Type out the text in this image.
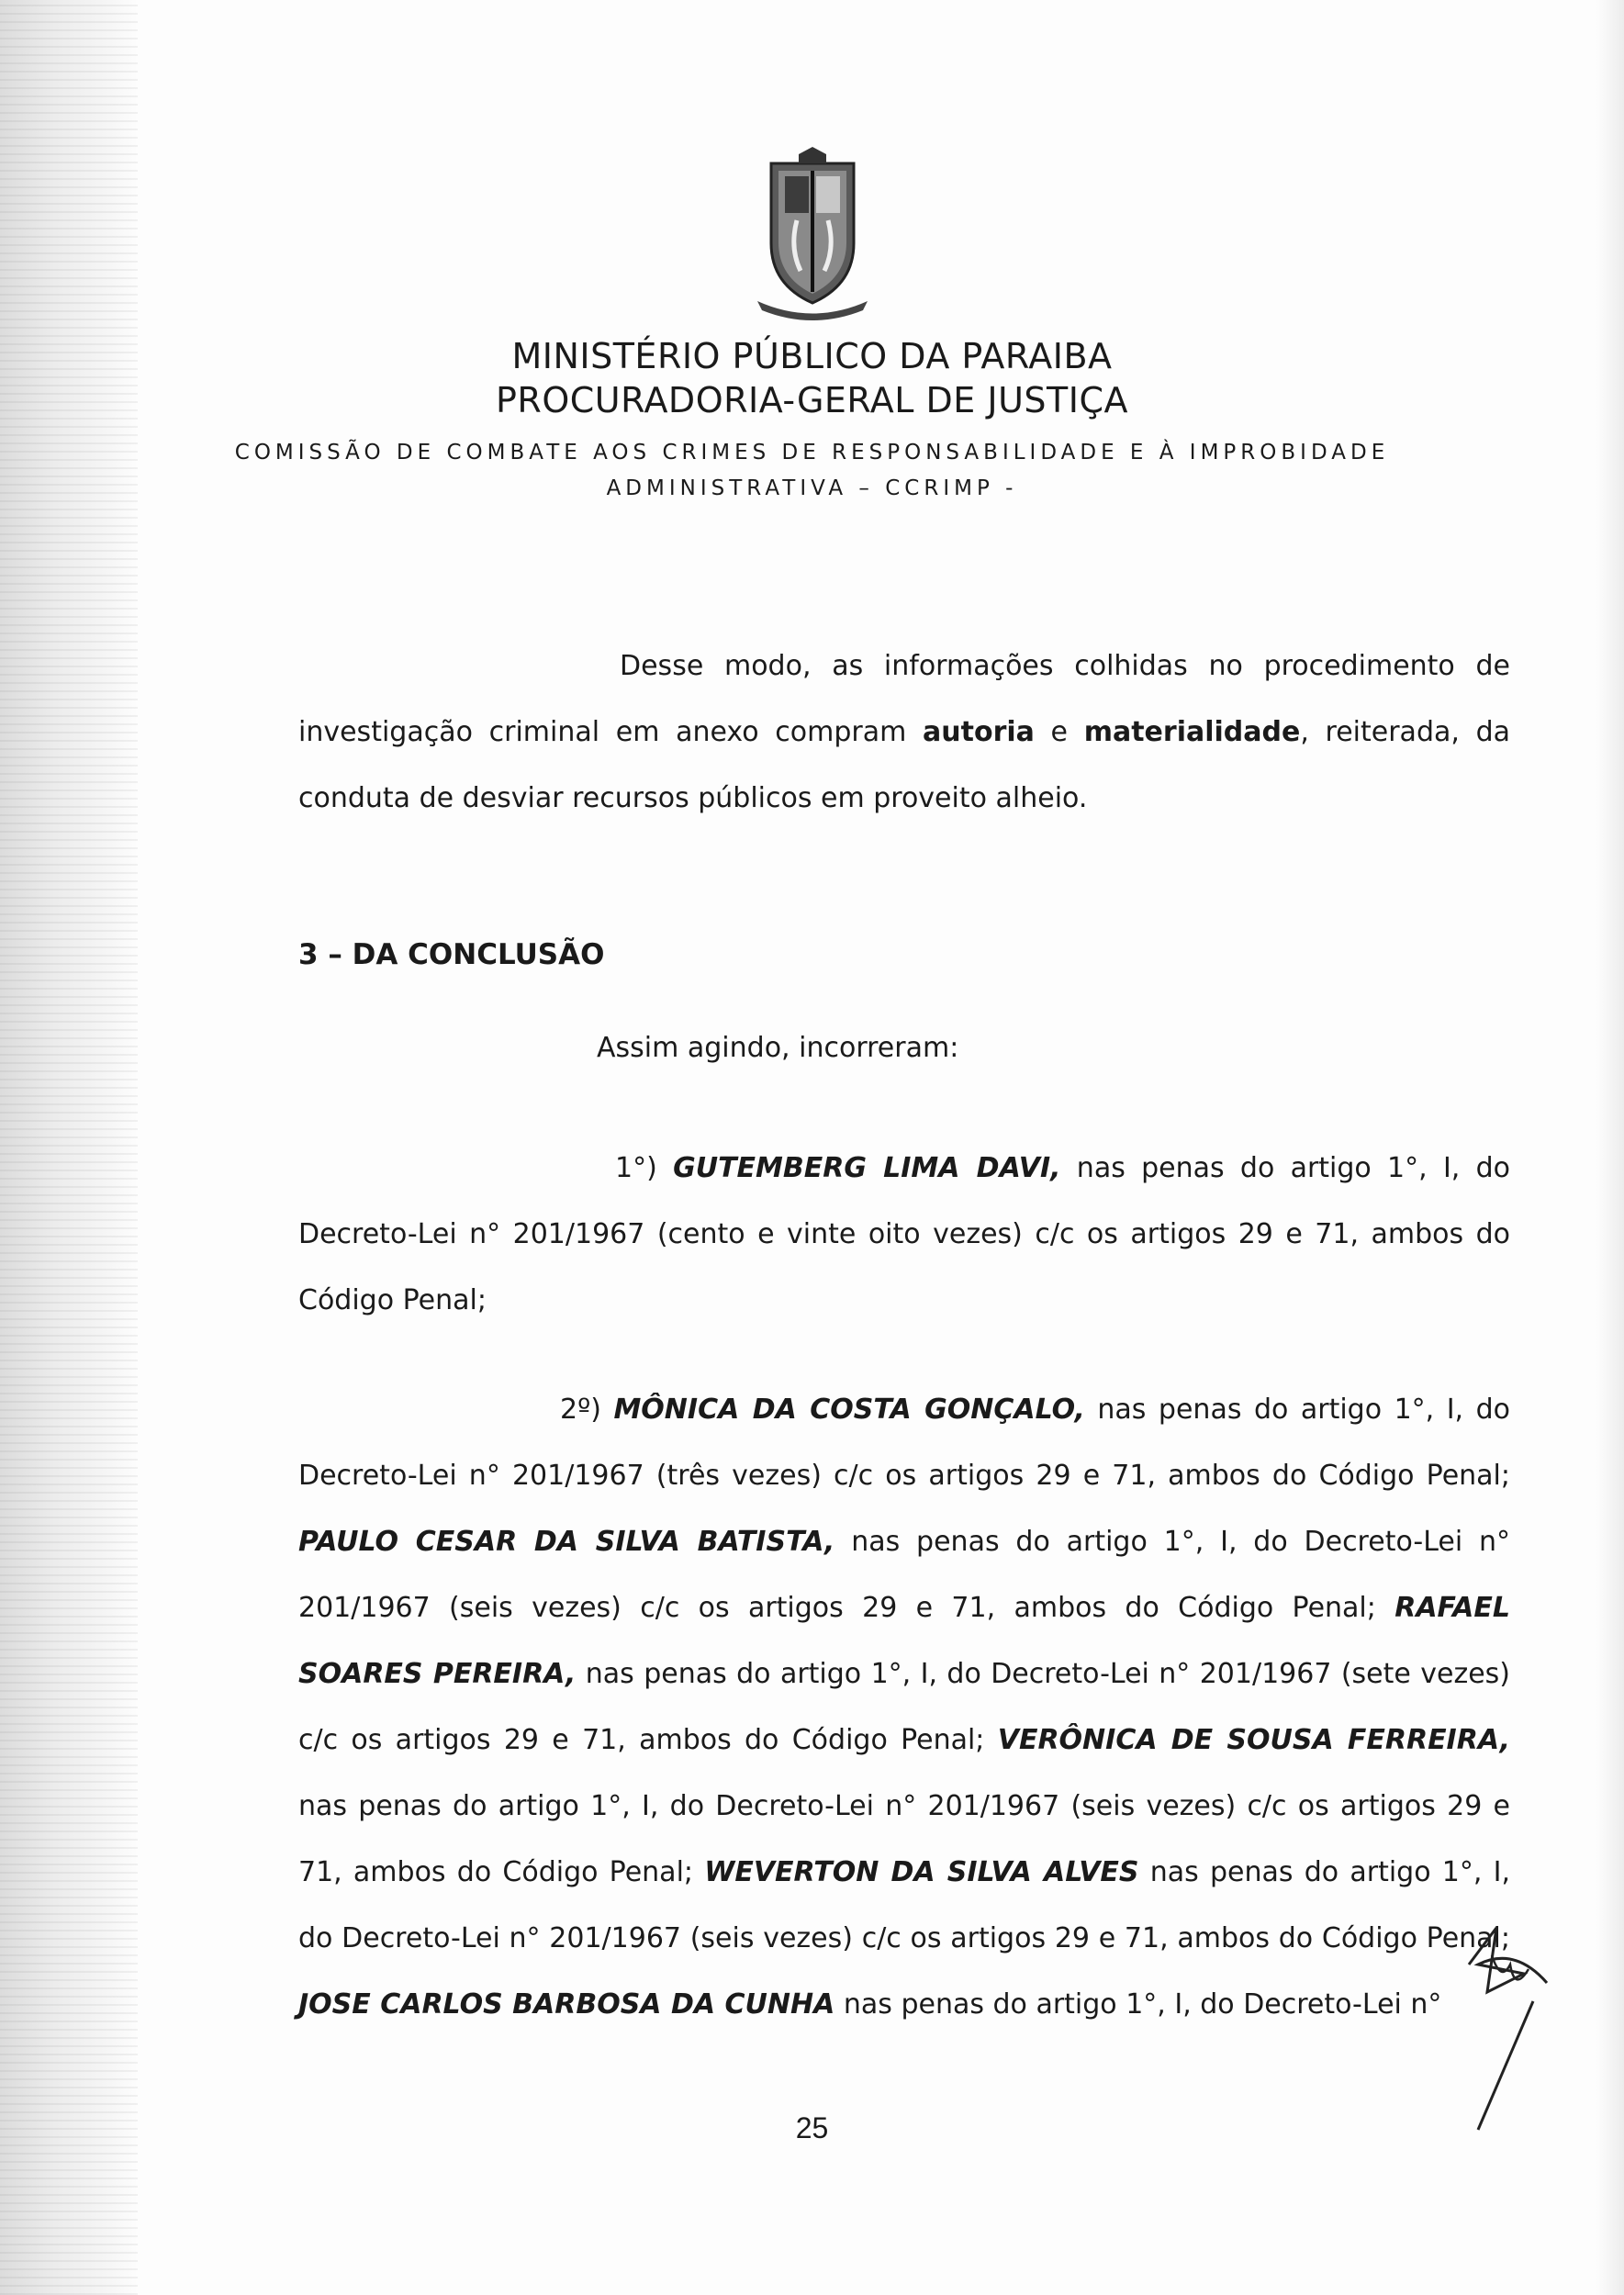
MINISTÉRIO PÚBLICO DA PARAIBA
PROCURADORIA-GERAL DE JUSTIÇA
COMISSÃO DE COMBATE AOS CRIMES DE RESPONSABILIDADE E À IMPROBIDADE
ADMINISTRATIVA – CCRIMP -
Desse modo, as informações colhidas no procedimento de investigação criminal em anexo compram autoria e materialidade, reiterada, da conduta de desviar recursos públicos em proveito alheio.
3 – DA CONCLUSÃO
Assim agindo, incorreram:
1°) GUTEMBERG LIMA DAVI, nas penas do artigo 1°, I, do Decreto-Lei n° 201/1967 (cento e vinte oito vezes) c/c os artigos 29 e 71, ambos do Código Penal;
2º) MÔNICA DA COSTA GONÇALO, nas penas do artigo 1°, I, do Decreto-Lei n° 201/1967 (três vezes) c/c os artigos 29 e 71, ambos do Código Penal; PAULO CESAR DA SILVA BATISTA, nas penas do artigo 1°, I, do Decreto-Lei n° 201/1967 (seis vezes) c/c os artigos 29 e 71, ambos do Código Penal; RAFAEL SOARES PEREIRA, nas penas do artigo 1°, I, do Decreto-Lei n° 201/1967 (sete vezes) c/c os artigos 29 e 71, ambos do Código Penal; VERÔNICA DE SOUSA FERREIRA, nas penas do artigo 1°, I, do Decreto-Lei n° 201/1967 (seis vezes) c/c os artigos 29 e 71, ambos do Código Penal; WEVERTON DA SILVA ALVES nas penas do artigo 1°, I, do Decreto-Lei n° 201/1967 (seis vezes) c/c os artigos 29 e 71, ambos do Código Penal; JOSE CARLOS BARBOSA DA CUNHA nas penas do artigo 1°, I, do Decreto-Lei n°
25
